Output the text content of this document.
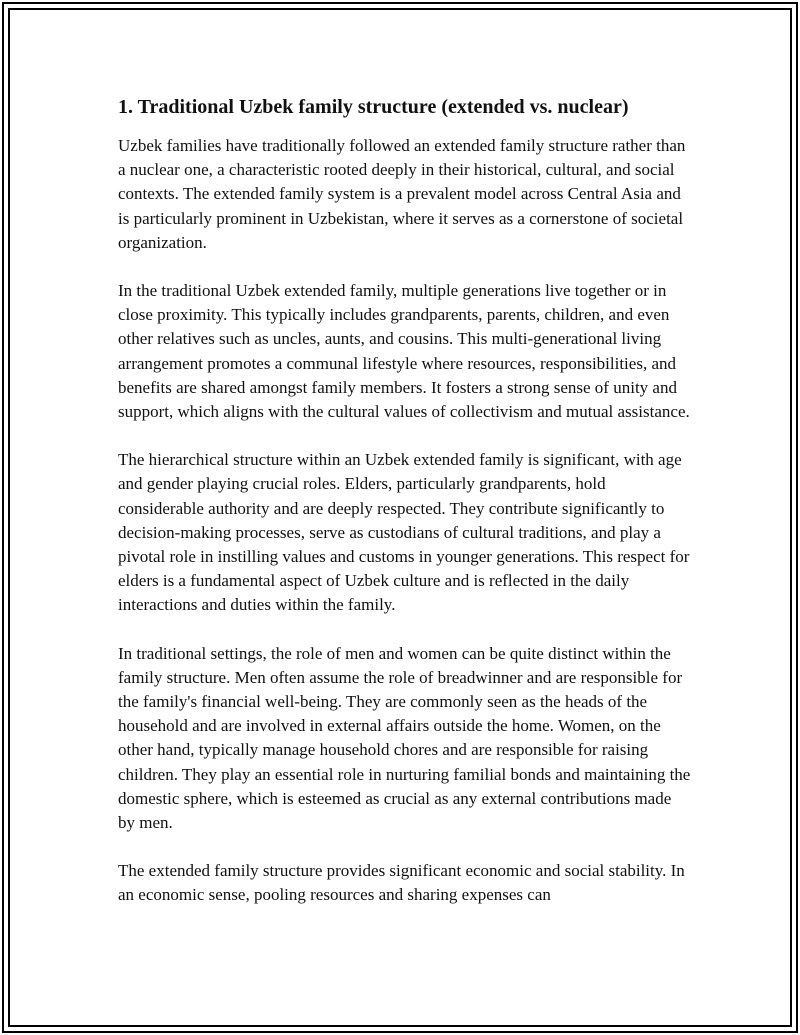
1. Traditional Uzbek family structure (extended vs. nuclear)

Uzbek families have traditionally followed an extended family structure rather than a nuclear one, a characteristic rooted deeply in their historical, cultural, and social contexts. The extended family system is a prevalent model across Central Asia and is particularly prominent in Uzbekistan, where it serves as a cornerstone of societal organization.

In the traditional Uzbek extended family, multiple generations live together or in close proximity. This typically includes grandparents, parents, children, and even other relatives such as uncles, aunts, and cousins. This multi-generational living arrangement promotes a communal lifestyle where resources, responsibilities, and benefits are shared amongst family members. It fosters a strong sense of unity and support, which aligns with the cultural values of collectivism and mutual assistance.

The hierarchical structure within an Uzbek extended family is significant, with age and gender playing crucial roles. Elders, particularly grandparents, hold considerable authority and are deeply respected. They contribute significantly to decision-making processes, serve as custodians of cultural traditions, and play a pivotal role in instilling values and customs in younger generations. This respect for elders is a fundamental aspect of Uzbek culture and is reflected in the daily interactions and duties within the family.

In traditional settings, the role of men and women can be quite distinct within the family structure. Men often assume the role of breadwinner and are responsible for the family's financial well-being. They are commonly seen as the heads of the household and are involved in external affairs outside the home. Women, on the other hand, typically manage household chores and are responsible for raising children. They play an essential role in nurturing familial bonds and maintaining the domestic sphere, which is esteemed as crucial as any external contributions made by men.

The extended family structure provides significant economic and social stability. In an economic sense, pooling resources and sharing expenses can
